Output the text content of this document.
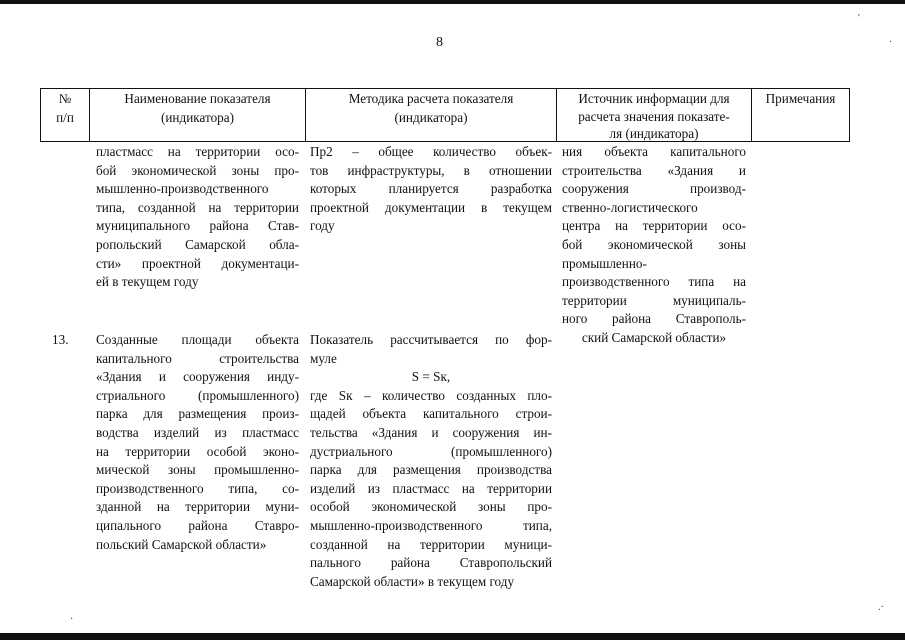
'
·
.·
·
8
№
п/п
Наименование показателя
(индикатора)
Методика расчета показателя
(индикатора)
Источник информации для
расчета значения показате-
ля (индикатора)
Примечания
пластмасс на территории осо-
бой экономической зоны про-
мышленно-производственного
типа, созданной на территории
муниципального района Став-
ропольский Самарской обла-
сти» проектной документаци-
ей в текущем году
Пр2 – общее количество объек-
тов инфраструктуры, в отношении
которых планируется разработка
проектной документации в текущем
году
ния объекта капитального
строительства «Здания и
сооружения производ-
ственно-логистического
центра на территории осо-
бой экономической зоны
промышленно-
производственного типа на
территории муниципаль-
ного района Ставрополь-
ский Самарской области»
13.	Созданные площади объекта
капитального строительства
«Здания и сооружения инду-
стриального (промышленного)
парка для размещения произ-
водства изделий из пластмасс
на территории особой эконо-
мической зоны промышленно-
производственного типа, со-
зданной на территории муни-
ципального района Ставро-
польский Самарской области»
Показатель рассчитывается по фор-
муле
S = Sк,
где Sк – количество созданных пло-
щадей объекта капитального строи-
тельства «Здания и сооружения ин-
дустриального (промышленного)
парка для размещения производства
изделий из пластмасс на территории
особой экономической зоны про-
мышленно-производственного типа,
созданной на территории муници-
пального района Ставропольский
Самарской области» в текущем году
